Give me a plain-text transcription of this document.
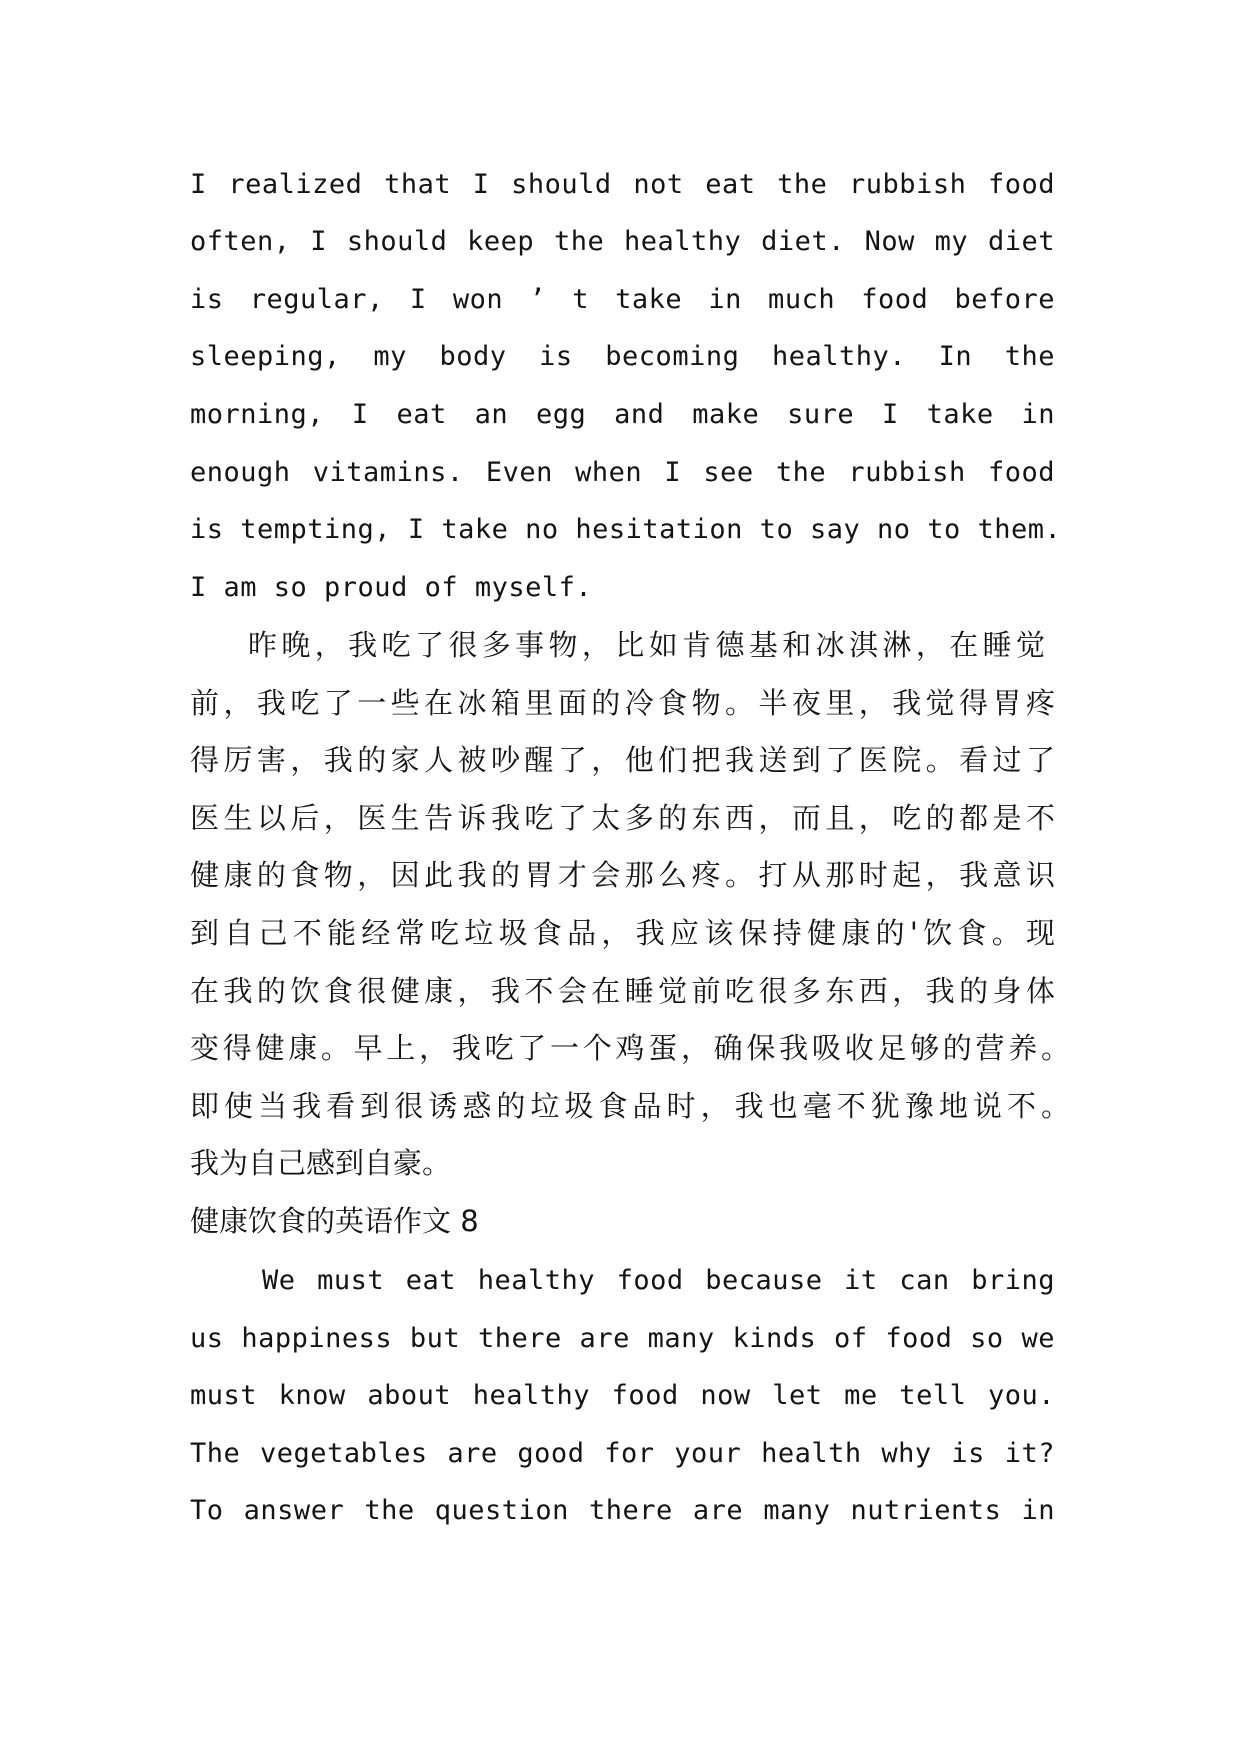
I realized that I should not eat the rubbish food
often, I should keep the healthy diet. Now my diet
is regular, I won ’ t take in much food before
sleeping, my body is becoming healthy. In the
morning, I eat an egg and make sure I take in
enough vitamins. Even when I see the rubbish food
is tempting, I take no hesitation to say no to them.
I am so proud of myself.
昨晚，我吃了很多事物，比如肯德基和冰淇淋，在睡觉
前，我吃了一些在冰箱里面的冷食物。半夜里，我觉得胃疼
得厉害，我的家人被吵醒了，他们把我送到了医院。看过了
医生以后，医生告诉我吃了太多的东西，而且，吃的都是不
健康的食物，因此我的胃才会那么疼。打从那时起，我意识
到自己不能经常吃垃圾食品，我应该保持健康的'饮食。现
在我的饮食很健康，我不会在睡觉前吃很多东西，我的身体
变得健康。早上，我吃了一个鸡蛋，确保我吸收足够的营养。
即使当我看到很诱惑的垃圾食品时，我也毫不犹豫地说不。
我为自己感到自豪。
健康饮食的英语作文 8
We must eat healthy food because it can bring
us happiness but there are many kinds of food so we
must know about healthy food now let me tell you.
The vegetables are good for your health why is it?
To answer the question there are many nutrients in
